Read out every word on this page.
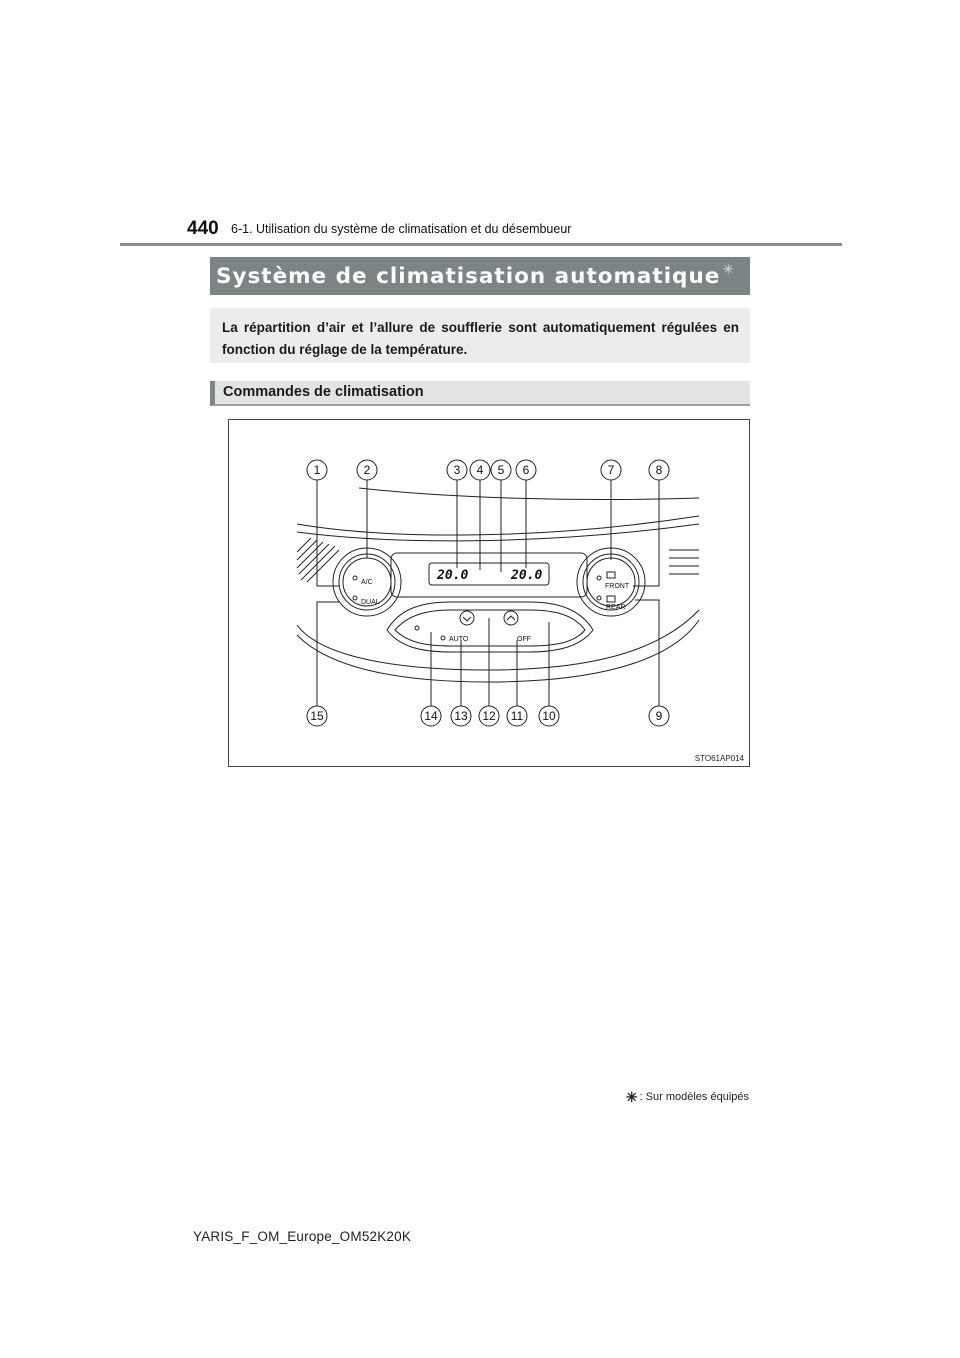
440 6-1. Utilisation du système de climatisation et du désembueur
Système de climatisation automatique ✳
La répartition d’air et l’allure de soufflerie sont automatiquement régulées en fonction du réglage de la température.
Commandes de climatisation
1	2	3 4 5 6	7	8
9
10
11
12
13
14
15
20.0	20.0
A/C
DUAL
FRONT
REAR
AUTO	OFF
STO61AP014
✳ : Sur modèles équipés
YARIS_F_OM_Europe_OM52K20K
